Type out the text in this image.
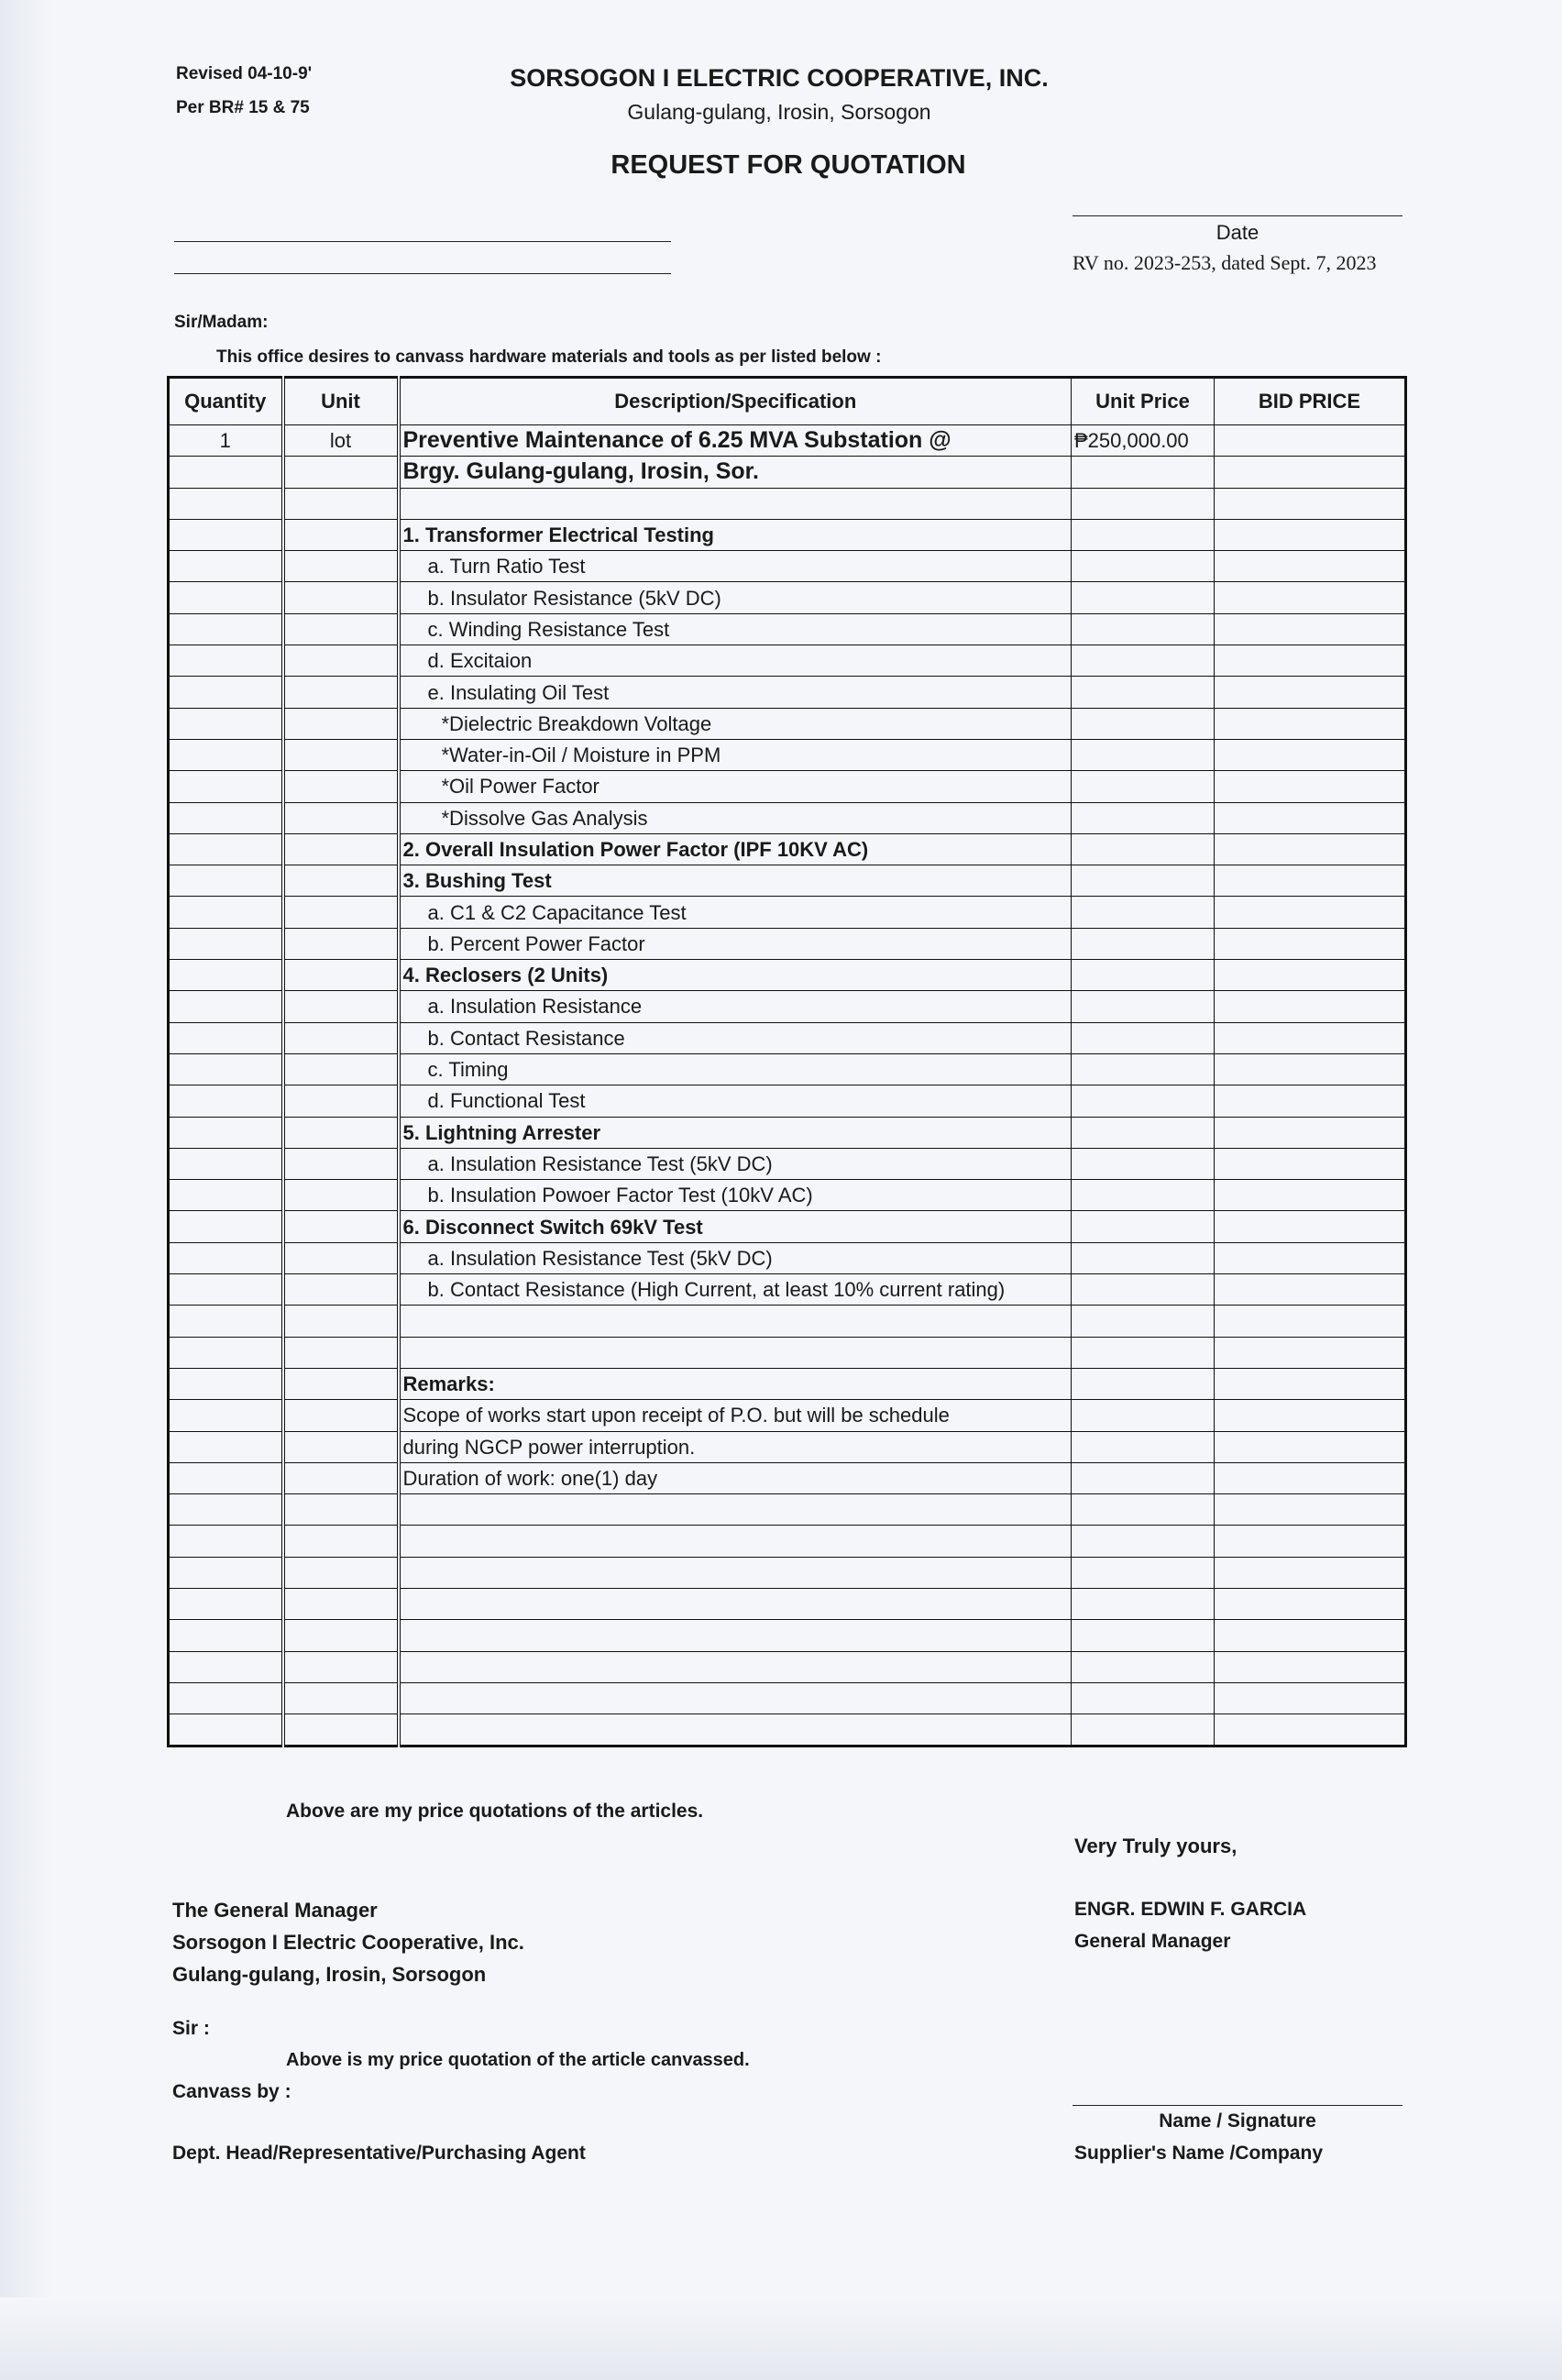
Revised 04-10-9'
Per BR# 15 & 75
SORSOGON I ELECTRIC COOPERATIVE, INC.
Gulang-gulang, Irosin, Sorsogon
REQUEST FOR QUOTATION
Date
RV no. 2023-253, dated Sept. 7, 2023
Sir/Madam:
This office desires to canvass hardware materials and tools as per listed below :
Quantity	Unit	Description/Specification	Unit Price	BID PRICE
1	lot	Preventive Maintenance of 6.25 MVA Substation @	₱250,000.00	
		Brgy. Gulang-gulang, Irosin, Sor.		

		1. Transformer Electrical Testing		
		a. Turn Ratio Test		
		b. Insulator Resistance (5kV DC)		
		c. Winding Resistance Test		
		d. Excitaion		
		e. Insulating Oil Test		
		*Dielectric Breakdown Voltage		
		*Water-in-Oil / Moisture in PPM		
		*Oil Power Factor		
		*Dissolve Gas Analysis		
		2. Overall Insulation Power Factor (IPF 10KV AC)		
		3. Bushing Test		
		a. C1 & C2 Capacitance Test		
		b. Percent Power Factor		
		4. Reclosers (2 Units)		
		a. Insulation Resistance		
		b. Contact Resistance		
		c. Timing		
		d. Functional Test		
		5. Lightning Arrester		
		a. Insulation Resistance Test (5kV DC)		
		b. Insulation Powoer Factor Test (10kV AC)		
		6. Disconnect Switch 69kV Test		
		a. Insulation Resistance Test (5kV DC)		
		b. Contact Resistance (High Current, at least 10% current rating)		

		Remarks:		
		Scope of works start upon receipt of P.O. but will be schedule		
		during NGCP power interruption.		
		Duration of work: one(1) day		

Above are my price quotations of the articles.
Very Truly yours,
The General Manager
Sorsogon I Electric Cooperative, Inc.
Gulang-gulang, Irosin, Sorsogon
ENGR. EDWIN F. GARCIA
General Manager
Sir :
Above is my price quotation of the article canvassed.
Canvass by :
Name / Signature
Supplier's Name /Company
Dept. Head/Representative/Purchasing Agent
